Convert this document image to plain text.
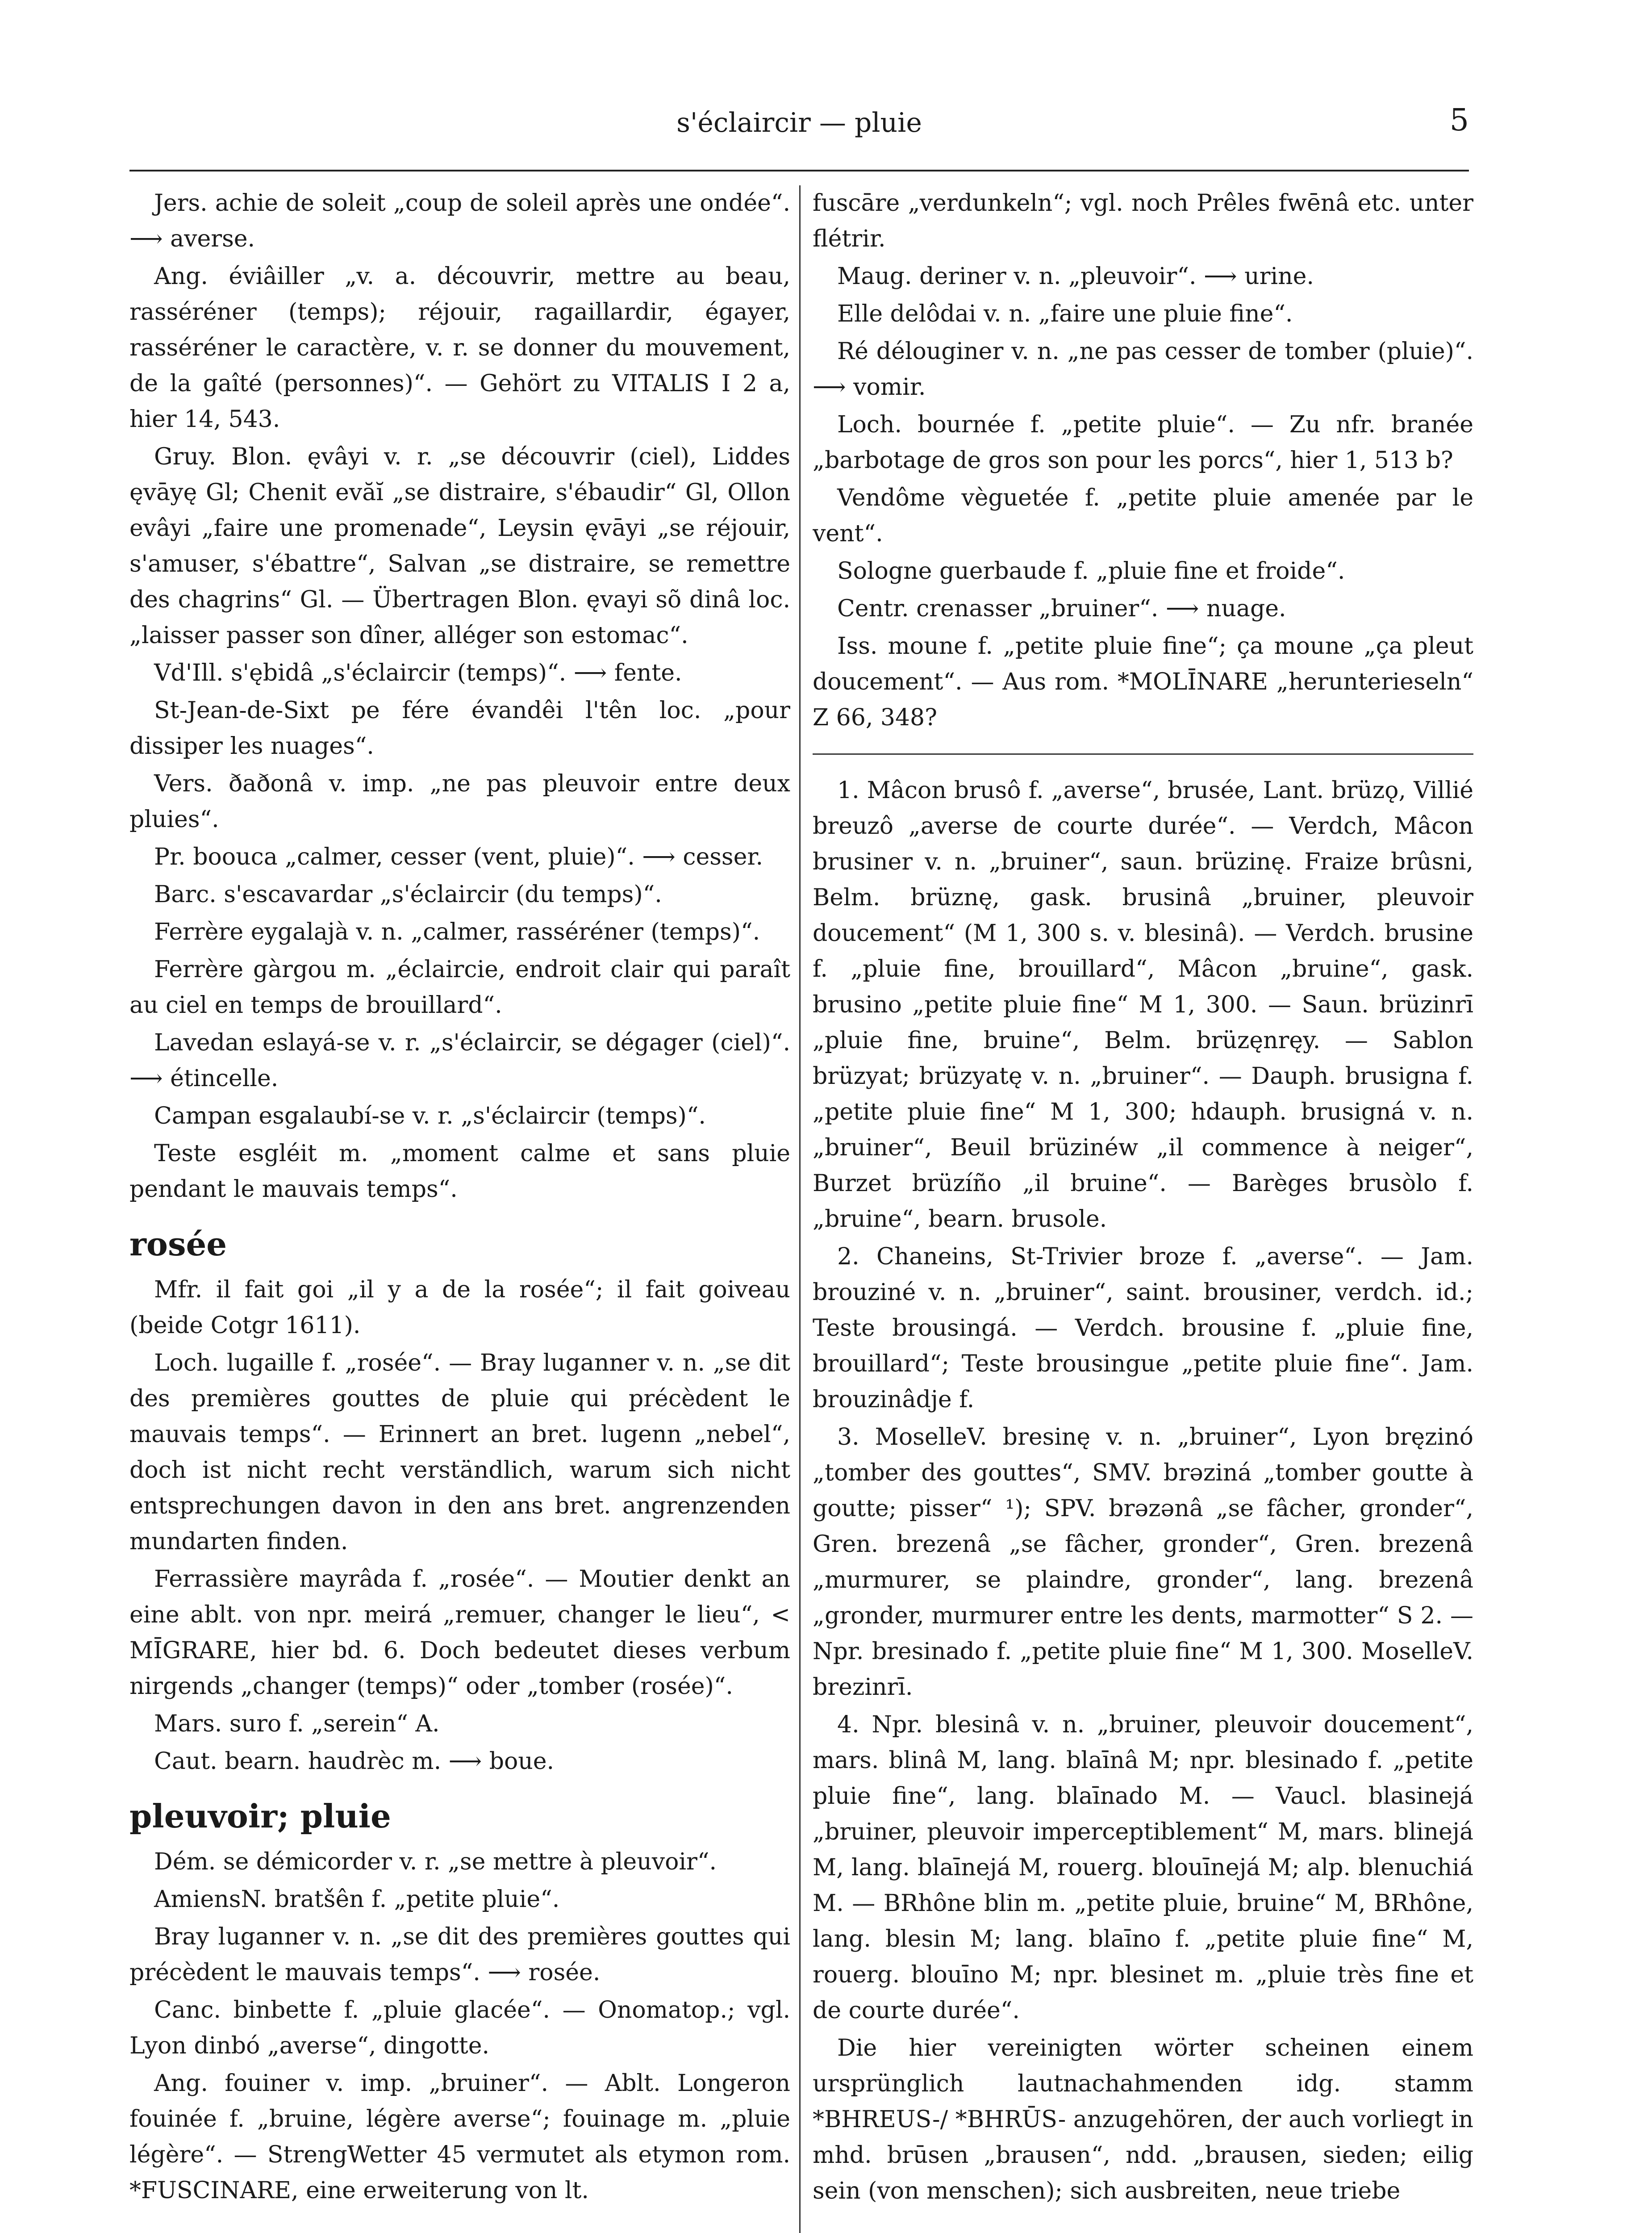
s'éclaircir — pluie	5

Jers. achie de soleit „coup de soleil après une ondée“. ⟶ averse.

Ang. éviâiller „v. a. découvrir, mettre au beau, rasséréner (temps); réjouir, ragaillardir, égayer, rasséréner le caractère, v. r. se donner du mouvement, de la gaîté (personnes)“. — Gehört zu VITALIS I 2 a, hier 14, 543.

Gruy. Blon. ęvâyi v. r. „se découvrir (ciel), Liddes ęvāyę Gl; Chenit evăĭ „se distraire, s'ébaudir“ Gl, Ollon evâyi „faire une promenade“, Leysin ęvāyi „se réjouir, s'amuser, s'ébattre“, Salvan „se distraire, se remettre des chagrins“ Gl. — Übertragen Blon. ęvayi sõ dinâ loc. „laisser passer son dîner, alléger son estomac“.

Vd'Ill. s'ębidâ „s'éclaircir (temps)“. ⟶ fente.

St-Jean-de-Sixt pe fére évandêi l'tên loc. „pour dissiper les nuages“.

Vers. ðaðonâ v. imp. „ne pas pleuvoir entre deux pluies“.

Pr. boouca „calmer, cesser (vent, pluie)“. ⟶ cesser.

Barc. s'escavardar „s'éclaircir (du temps)“.

Ferrère eygalajà v. n. „calmer, rasséréner (temps)“.

Ferrère gàrgou m. „éclaircie, endroit clair qui paraît au ciel en temps de brouillard“.

Lavedan eslayá-se v. r. „s'éclaircir, se dégager (ciel)“. ⟶ étincelle.

Campan esgalaubí-se v. r. „s'éclaircir (temps)“.

Teste esgléit m. „moment calme et sans pluie pendant le mauvais temps“.

rosée

Mfr. il fait goi „il y a de la rosée“; il fait goiveau (beide Cotgr 1611).

Loch. lugaille f. „rosée“. — Bray luganner v. n. „se dit des premières gouttes de pluie qui précèdent le mauvais temps“. — Erinnert an bret. lugenn „nebel“, doch ist nicht recht verständlich, warum sich nicht entsprechungen davon in den ans bret. angrenzenden mundarten finden.

Ferrassière mayrâda f. „rosée“. — Moutier denkt an eine ablt. von npr. meirá „remuer, changer le lieu“, < MĪGRARE, hier bd. 6. Doch bedeutet dieses verbum nirgends „changer (temps)“ oder „tomber (rosée)“.

Mars. suro f. „serein“ A.

Caut. bearn. haudrèc m. ⟶ boue.

pleuvoir; pluie

Dém. se démicorder v. r. „se mettre à pleuvoir“.

AmiensN. bratšên f. „petite pluie“.

Bray luganner v. n. „se dit des premières gouttes qui précèdent le mauvais temps“. ⟶ rosée.

Canc. binbette f. „pluie glacée“. — Onomatop.; vgl. Lyon dinbó „averse“, dingotte.

Ang. fouiner v. imp. „bruiner“. — Ablt. Longeron fouinée f. „bruine, légère averse“; fouinage m. „pluie légère“. — StrengWetter 45 vermutet als etymon rom. *FUSCINARE, eine erweiterung von lt.

fuscāre „verdunkeln“; vgl. noch Prêles fwēnâ etc. unter flétrir.

Maug. deriner v. n. „pleuvoir“. ⟶ urine.

Elle delôdai v. n. „faire une pluie fine“.

Ré délouginer v. n. „ne pas cesser de tomber (pluie)“. ⟶ vomir.

Loch. bournée f. „petite pluie“. — Zu nfr. branée „barbotage de gros son pour les porcs“, hier 1, 513 b?

Vendôme vèguetée f. „petite pluie amenée par le vent“.

Sologne guerbaude f. „pluie fine et froide“.

Centr. crenasser „bruiner“. ⟶ nuage.

Iss. moune f. „petite pluie fine“; ça moune „ça pleut doucement“. — Aus rom. *MOLĪNARE „herunterieseln“ Z 66, 348?

1. Mâcon brusô f. „averse“, brusée, Lant. brüzǫ, Villié breuzô „averse de courte durée“. — Verdch, Mâcon brusiner v. n. „bruiner“, saun. brüzinę. Fraize brûsni, Belm. brüznę, gask. brusinâ „bruiner, pleuvoir doucement“ (M 1, 300 s. v. blesinâ). — Verdch. brusine f. „pluie fine, brouillard“, Mâcon „bruine“, gask. brusino „petite pluie fine“ M 1, 300. — Saun. brüzinrī „pluie fine, bruine“, Belm. brüzęnręy. — Sablon brüzyat; brüzyatę v. n. „bruiner“. — Dauph. brusigna f. „petite pluie fine“ M 1, 300; hdauph. brusigná v. n. „bruiner“, Beuil brüzinéw „il commence à neiger“, Burzet brüzíño „il bruine“. — Barèges brusòlo f. „bruine“, bearn. brusole.

2. Chaneins, St-Trivier broze f. „averse“. — Jam. brouziné v. n. „bruiner“, saint. brousiner, verdch. id.; Teste brousingá. — Verdch. brousine f. „pluie fine, brouillard“; Teste brousingue „petite pluie fine“. Jam. brouzinâdje f.

3. MoselleV. bresinę v. n. „bruiner“, Lyon bręzinó „tomber des gouttes“, SMV. brəziná „tomber goutte à goutte; pisser“ ¹); SPV. brəzənâ „se fâcher, gronder“, Gren. brezenâ „se fâcher, gronder“, Gren. brezenâ „murmurer, se plaindre, gronder“, lang. brezenâ „gronder, murmurer entre les dents, marmotter“ S 2. — Npr. bresinado f. „petite pluie fine“ M 1, 300. MoselleV. brezinrī.

4. Npr. blesinâ v. n. „bruiner, pleuvoir doucement“, mars. blinâ M, lang. blaīnâ M; npr. blesinado f. „petite pluie fine“, lang. blaīnado M. — Vaucl. blasinejá „bruiner, pleuvoir imperceptiblement“ M, mars. blinejá M, lang. blaīnejá M, rouerg. blouīnejá M; alp. blenuchiá M. — BRhône blin m. „petite pluie, bruine“ M, BRhône, lang. blesin M; lang. blaīno f. „petite pluie fine“ M, rouerg. blouīno M; npr. blesinet m. „pluie très fine et de courte durée“.

Die hier vereinigten wörter scheinen einem ursprünglich lautnachahmenden idg. stamm *BHREUS-/ *BHRŪS- anzugehören, der auch vorliegt in mhd. brūsen „brausen“, ndd. „brausen, sieden; eilig sein (von menschen); sich ausbreiten, neue triebe
